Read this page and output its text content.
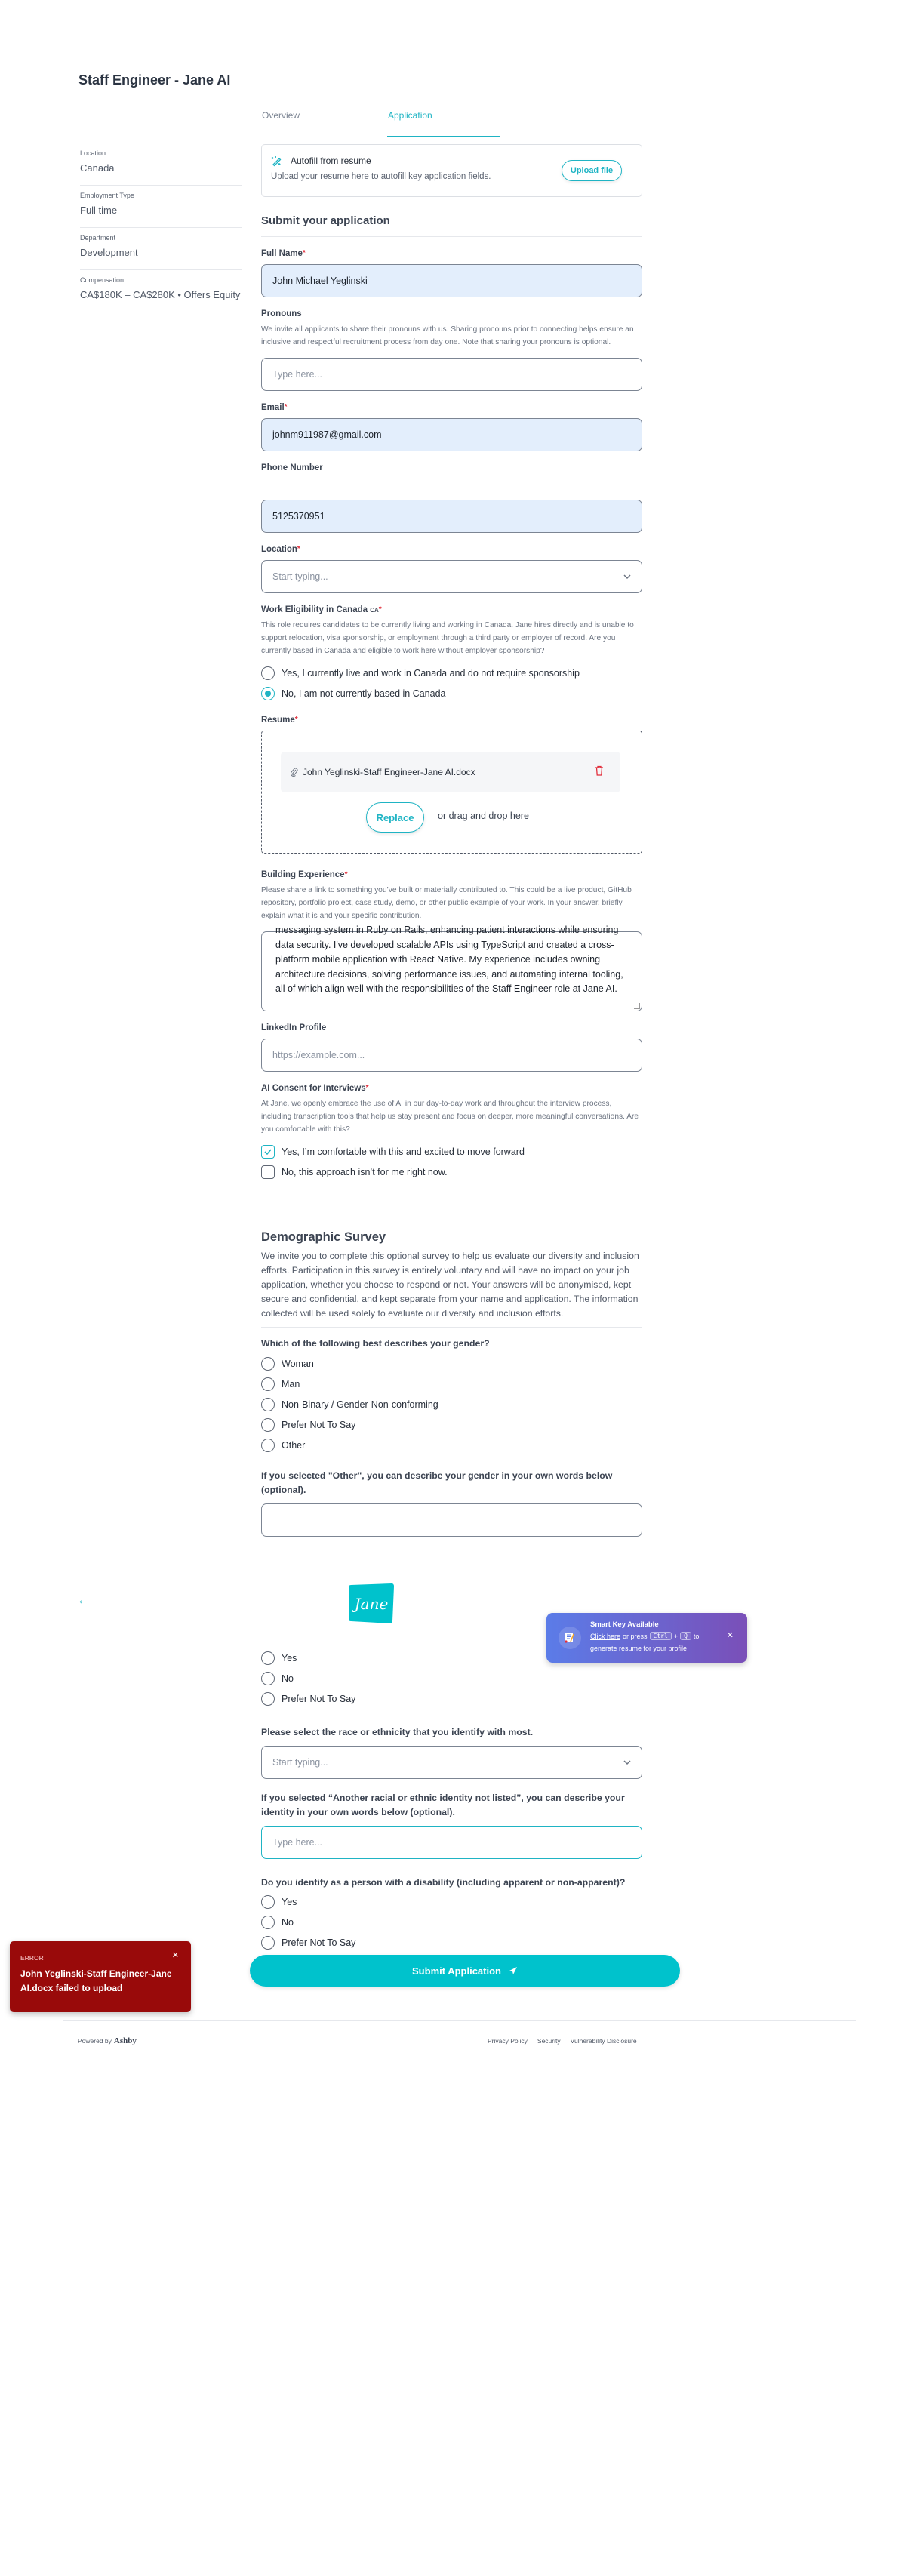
Staff Engineer - Jane AI
Location
Canada
Employment Type
Full time
Department
Development
Compensation
CA$180K – CA$280K • Offers Equity
Overview	Application
Autofill from resume
Upload your resume here to autofill key application fields.
Upload file
Submit your application
Full Name*
John Michael Yeglinski
Pronouns
We invite all applicants to share their pronouns with us. Sharing pronouns prior to connecting helps ensure an inclusive and respectful recruitment process from day one. Note that sharing your pronouns is optional.
Type here...
Email*
johnm911987@gmail.com
Phone Number
5125370951
Location*
Start typing...
Work Eligibility in Canada CA*
This role requires candidates to be currently living and working in Canada. Jane hires directly and is unable to support relocation, visa sponsorship, or employment through a third party or employer of record. Are you currently based in Canada and eligible to work here without employer sponsorship?
Yes, I currently live and work in Canada and do not require sponsorship
No, I am not currently based in Canada
Resume*
John Yeglinski-Staff Engineer-Jane AI.docx
Replace	or drag and drop here
Building Experience*
Please share a link to something you’ve built or materially contributed to. This could be a live product, GitHub repository, portfolio project, case study, demo, or other public example of your work. In your answer, briefly explain what it is and your specific contribution.
messaging system in Ruby on Rails, enhancing patient interactions while ensuring data security. I've developed scalable APIs using TypeScript and created a cross-platform mobile application with React Native. My experience includes owning architecture decisions, solving performance issues, and automating internal tooling, all of which align well with the responsibilities of the Staff Engineer role at Jane AI.
LinkedIn Profile
https://example.com...
AI Consent for Interviews*
At Jane, we openly embrace the use of AI in our day-to-day work and throughout the interview process, including transcription tools that help us stay present and focus on deeper, more meaningful conversations. Are you comfortable with this?
Yes, I’m comfortable with this and excited to move forward
No, this approach isn’t for me right now.
Demographic Survey
We invite you to complete this optional survey to help us evaluate our diversity and inclusion efforts. Participation in this survey is entirely voluntary and will have no impact on your job application, whether you choose to respond or not. Your answers will be anonymised, kept secure and confidential, and kept separate from your name and application. The information collected will be used solely to evaluate our diversity and inclusion efforts.
Which of the following best describes your gender?
Woman
Man
Non-Binary / Gender-Non-conforming
Prefer Not To Say
Other
If you selected "Other", you can describe your gender in your own words below (optional).
←	Jane
Smart Key Available
Click here or press	Ctrl +	Q to
generate resume for your profile
✕
Yes
No
Prefer Not To Say
Please select the race or ethnicity that you identify with most.
Start typing...
If you selected “Another racial or ethnic identity not listed”, you can describe your identity in your own words below (optional).
Type here...
Do you identify as a person with a disability (including apparent or non-apparent)?
Yes
No
Prefer Not To Say
Submit Application
ERROR
John Yeglinski-Staff Engineer-Jane AI.docx failed to upload
✕
Powered by Ashby	Privacy Policy Security Vulnerability Disclosure
